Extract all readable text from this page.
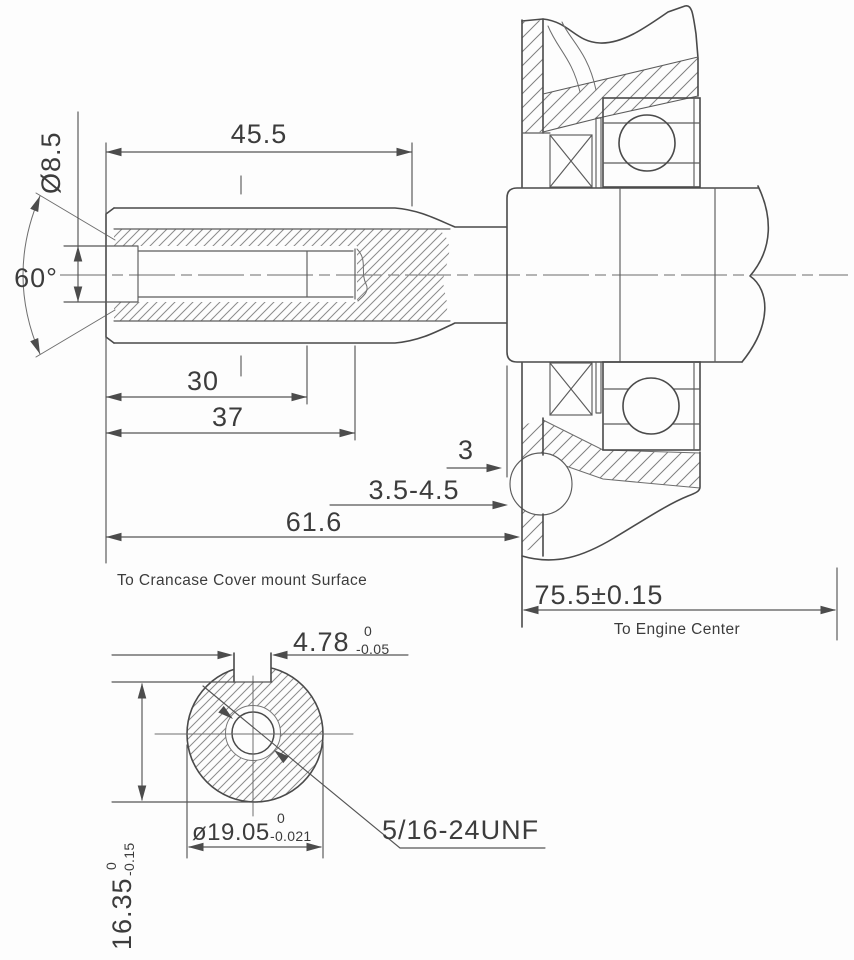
60°
Ø8.5	45.5
30
37
3
3.5-4.5
61.6
To Crancase Cover mount Surface	75.5±0.15
To Engine Center
5/16-24UNF
4.78 0
-0.05
16.35
0 -0.15
ø19.05
0
-0.021
